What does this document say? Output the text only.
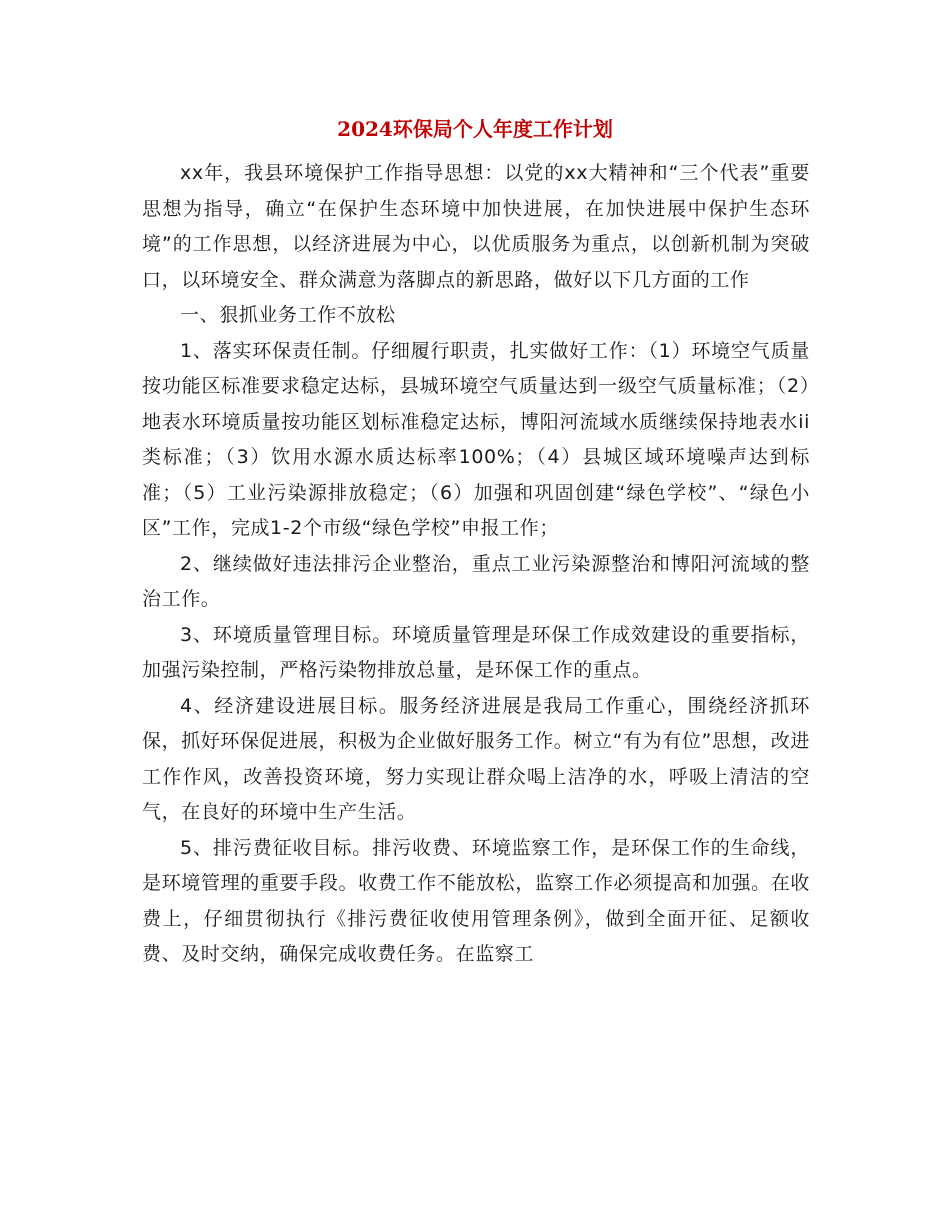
2024环保局个人年度工作计划

xx年，我县环境保护工作指导思想：以党的xx大精神和“三个代表”重要思想为指导，确立“在保护生态环境中加快进展，在加快进展中保护生态环境”的工作思想，以经济进展为中心，以优质服务为重点，以创新机制为突破口，以环境安全、群众满意为落脚点的新思路，做好以下几方面的工作

一、狠抓业务工作不放松

1、落实环保责任制。仔细履行职责，扎实做好工作：（1）环境空气质量按功能区标准要求稳定达标，县城环境空气质量达到一级空气质量标准；（2）地表水环境质量按功能区划标准稳定达标，博阳河流域水质继续保持地表水ii类标准；（3）饮用水源水质达标率100%；（4）县城区域环境噪声达到标准；（5）工业污染源排放稳定；（6）加强和巩固创建“绿色学校”、“绿色小区”工作，完成1-2个市级“绿色学校”申报工作；

2、继续做好违法排污企业整治，重点工业污染源整治和博阳河流域的整治工作。

3、环境质量管理目标。环境质量管理是环保工作成效建设的重要指标，加强污染控制，严格污染物排放总量，是环保工作的重点。

4、经济建设进展目标。服务经济进展是我局工作重心，围绕经济抓环保，抓好环保促进展，积极为企业做好服务工作。树立“有为有位”思想，改进工作作风，改善投资环境，努力实现让群众喝上洁净的水，呼吸上清洁的空气，在良好的环境中生产生活。

5、排污费征收目标。排污收费、环境监察工作，是环保工作的生命线，是环境管理的重要手段。收费工作不能放松，监察工作必须提高和加强。在收费上，仔细贯彻执行《排污费征收使用管理条例》，做到全面开征、足额收费、及时交纳，确保完成收费任务。在监察工
